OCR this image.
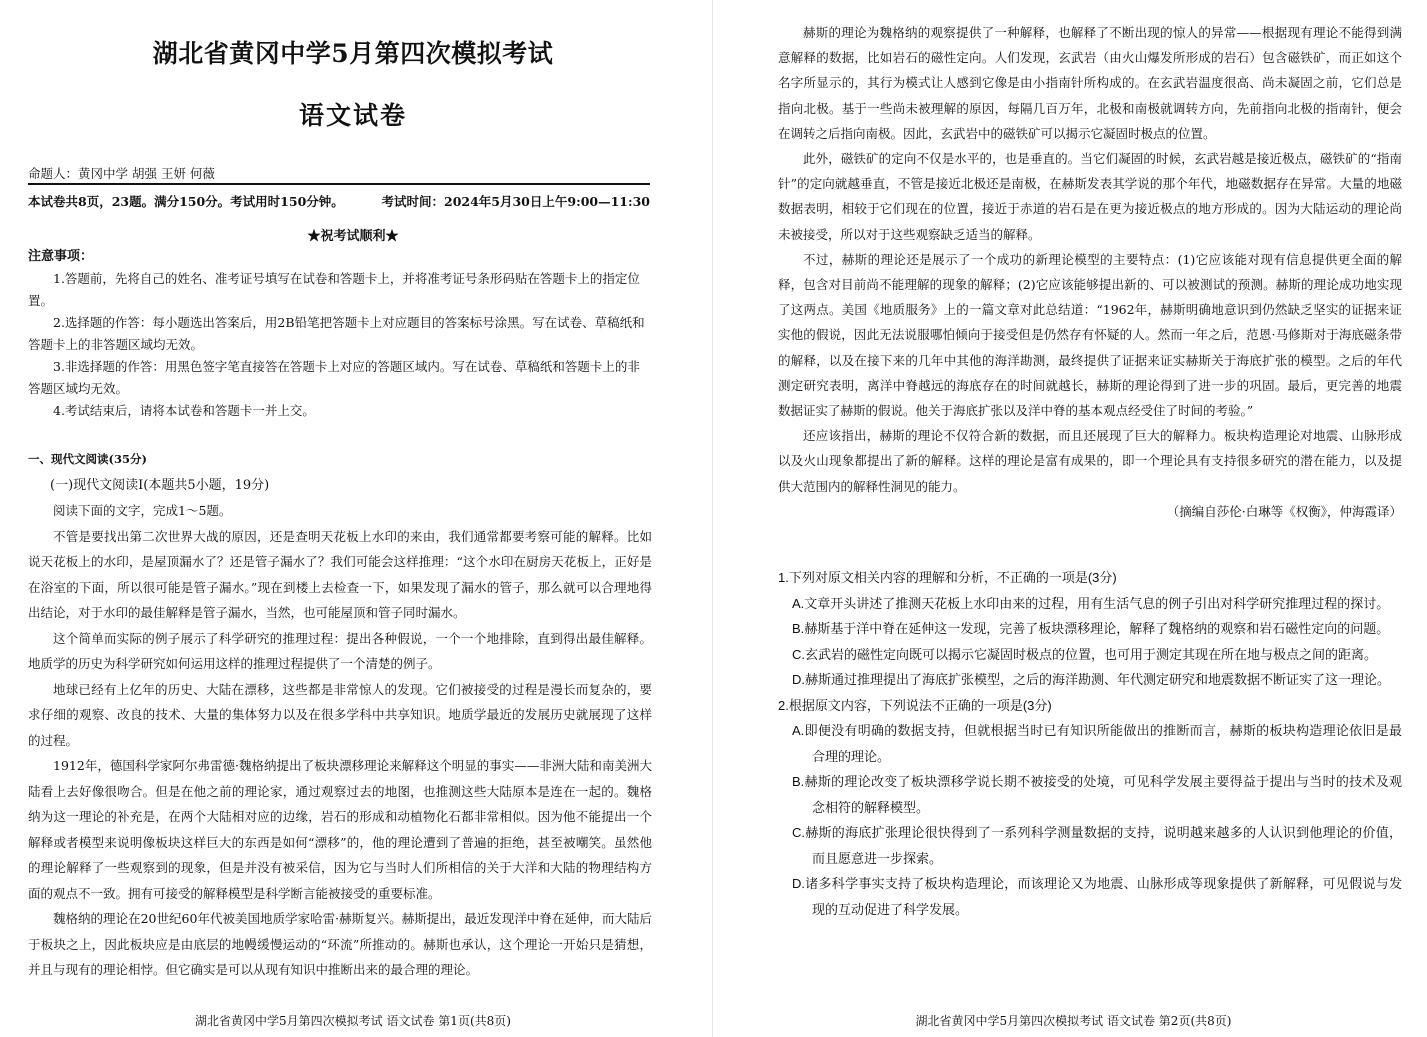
湖北省黄冈中学5月第四次模拟考试
语文试卷
命题人：黄冈中学 胡强 王妍 何薇
本试卷共8页，23题。满分150分。考试用时150分钟。	考试时间：2024年5月30日上午9:00—11:30
★祝考试顺利★
注意事项：

1.答题前，先将自己的姓名、准考证号填写在试卷和答题卡上，并将准考证号条形码贴在答题卡上的指定位置。

2.选择题的作答：每小题选出答案后，用2B铅笔把答题卡上对应题目的答案标号涂黑。写在试卷、草稿纸和答题卡上的非答题区域均无效。

3.非选择题的作答：用黑色签字笔直接答在答题卡上对应的答题区域内。写在试卷、草稿纸和答题卡上的非答题区域均无效。

4.考试结束后，请将本试卷和答题卡一并上交。

一、现代文阅读(35分)

(一)现代文阅读Ⅰ(本题共5小题，19分)

阅读下面的文字，完成1～5题。

不管是要找出第二次世界大战的原因，还是查明天花板上水印的来由，我们通常都要考察可能的解释。比如说天花板上的水印，是屋顶漏水了？还是管子漏水了？我们可能会这样推理：“这个水印在厨房天花板上，正好是在浴室的下面，所以很可能是管子漏水。”现在到楼上去检查一下，如果发现了漏水的管子，那么就可以合理地得出结论，对于水印的最佳解释是管子漏水，当然，也可能屋顶和管子同时漏水。

这个简单而实际的例子展示了科学研究的推理过程：提出各种假说，一个一个地排除，直到得出最佳解释。地质学的历史为科学研究如何运用这样的推理过程提供了一个清楚的例子。

地球已经有上亿年的历史、大陆在漂移，这些都是非常惊人的发现。它们被接受的过程是漫长而复杂的，要求仔细的观察、改良的技术、大量的集体努力以及在很多学科中共享知识。地质学最近的发展历史就展现了这样的过程。

1912年，德国科学家阿尔弗雷德·魏格纳提出了板块漂移理论来解释这个明显的事实——非洲大陆和南美洲大陆看上去好像很吻合。但是在他之前的理论家，通过观察过去的地图，也推测这些大陆原本是连在一起的。魏格纳为这一理论的补充是，在两个大陆相对应的边缘，岩石的形成和动植物化石都非常相似。因为他不能提出一个解释或者模型来说明像板块这样巨大的东西是如何“漂移”的，他的理论遭到了普遍的拒绝，甚至被嘲笑。虽然他的理论解释了一些观察到的现象，但是并没有被采信，因为它与当时人们所相信的关于大洋和大陆的物理结构方面的观点不一致。拥有可接受的解释模型是科学断言能被接受的重要标准。

魏格纳的理论在20世纪60年代被美国地质学家哈雷·赫斯复兴。赫斯提出，最近发现洋中脊在延伸，而大陆后于板块之上，因此板块应是由底层的地幔缓慢运动的“环流”所推动的。赫斯也承认，这个理论一开始只是猜想，并且与现有的理论相悖。但它确实是可以从现有知识中推断出来的最合理的理论。

湖北省黄冈中学5月第四次模拟考试 语文试卷 第1页(共8页)

赫斯的理论为魏格纳的观察提供了一种解释，也解释了不断出现的惊人的异常——根据现有理论不能得到满意解释的数据，比如岩石的磁性定向。人们发现，玄武岩（由火山爆发所形成的岩石）包含磁铁矿，而正如这个名字所显示的，其行为模式让人感到它像是由小指南针所构成的。在玄武岩温度很高、尚未凝固之前，它们总是指向北极。基于一些尚未被理解的原因，每隔几百万年，北极和南极就调转方向，先前指向北极的指南针，便会在调转之后指向南极。因此，玄武岩中的磁铁矿可以揭示它凝固时极点的位置。

此外，磁铁矿的定向不仅是水平的，也是垂直的。当它们凝固的时候，玄武岩越是接近极点，磁铁矿的“指南针”的定向就越垂直，不管是接近北极还是南极，在赫斯发表其学说的那个年代，地磁数据存在异常。大量的地磁数据表明，相较于它们现在的位置，接近于赤道的岩石是在更为接近极点的地方形成的。因为大陆运动的理论尚未被接受，所以对于这些观察缺乏适当的解释。

不过，赫斯的理论还是展示了一个成功的新理论模型的主要特点：(1)它应该能对现有信息提供更全面的解释，包含对目前尚不能理解的现象的解释；(2)它应该能够提出新的、可以被测试的预测。赫斯的理论成功地实现了这两点。美国《地质服务》上的一篇文章对此总结道：“1962年，赫斯明确地意识到仍然缺乏坚实的证据来证实他的假说，因此无法说服哪怕倾向于接受但是仍然存有怀疑的人。然而一年之后，范恩·马修斯对于海底磁条带的解释，以及在接下来的几年中其他的海洋勘测，最终提供了证据来证实赫斯关于海底扩张的模型。之后的年代测定研究表明，离洋中脊越远的海底存在的时间就越长，赫斯的理论得到了进一步的巩固。最后，更完善的地震数据证实了赫斯的假说。他关于海底扩张以及洋中脊的基本观点经受住了时间的考验。”

还应该指出，赫斯的理论不仅符合新的数据，而且还展现了巨大的解释力。板块构造理论对地震、山脉形成以及火山现象都提出了新的解释。这样的理论是富有成果的，即一个理论具有支持很多研究的潜在能力，以及提供大范围内的解释性洞见的能力。

（摘编自莎伦·白琳等《权衡》，仲海霞译）

1.下列对原文相关内容的理解和分析，不正确的一项是(3分)

A.文章开头讲述了推测天花板上水印由来的过程，用有生活气息的例子引出对科学研究推理过程的探讨。

B.赫斯基于洋中脊在延伸这一发现，完善了板块漂移理论，解释了魏格纳的观察和岩石磁性定向的问题。

C.玄武岩的磁性定向既可以揭示它凝固时极点的位置，也可用于测定其现在所在地与极点之间的距离。

D.赫斯通过推理提出了海底扩张模型，之后的海洋勘测、年代测定研究和地震数据不断证实了这一理论。

2.根据原文内容，下列说法不正确的一项是(3分)

A.即便没有明确的数据支持，但就根据当时已有知识所能做出的推断而言，赫斯的板块构造理论依旧是最合理的理论。

B.赫斯的理论改变了板块漂移学说长期不被接受的处境，可见科学发展主要得益于提出与当时的技术及观念相符的解释模型。

C.赫斯的海底扩张理论很快得到了一系列科学测量数据的支持，说明越来越多的人认识到他理论的价值，而且愿意进一步探索。

D.诸多科学事实支持了板块构造理论，而该理论又为地震、山脉形成等现象提供了新解释，可见假说与发现的互动促进了科学发展。

湖北省黄冈中学5月第四次模拟考试 语文试卷 第2页(共8页)
